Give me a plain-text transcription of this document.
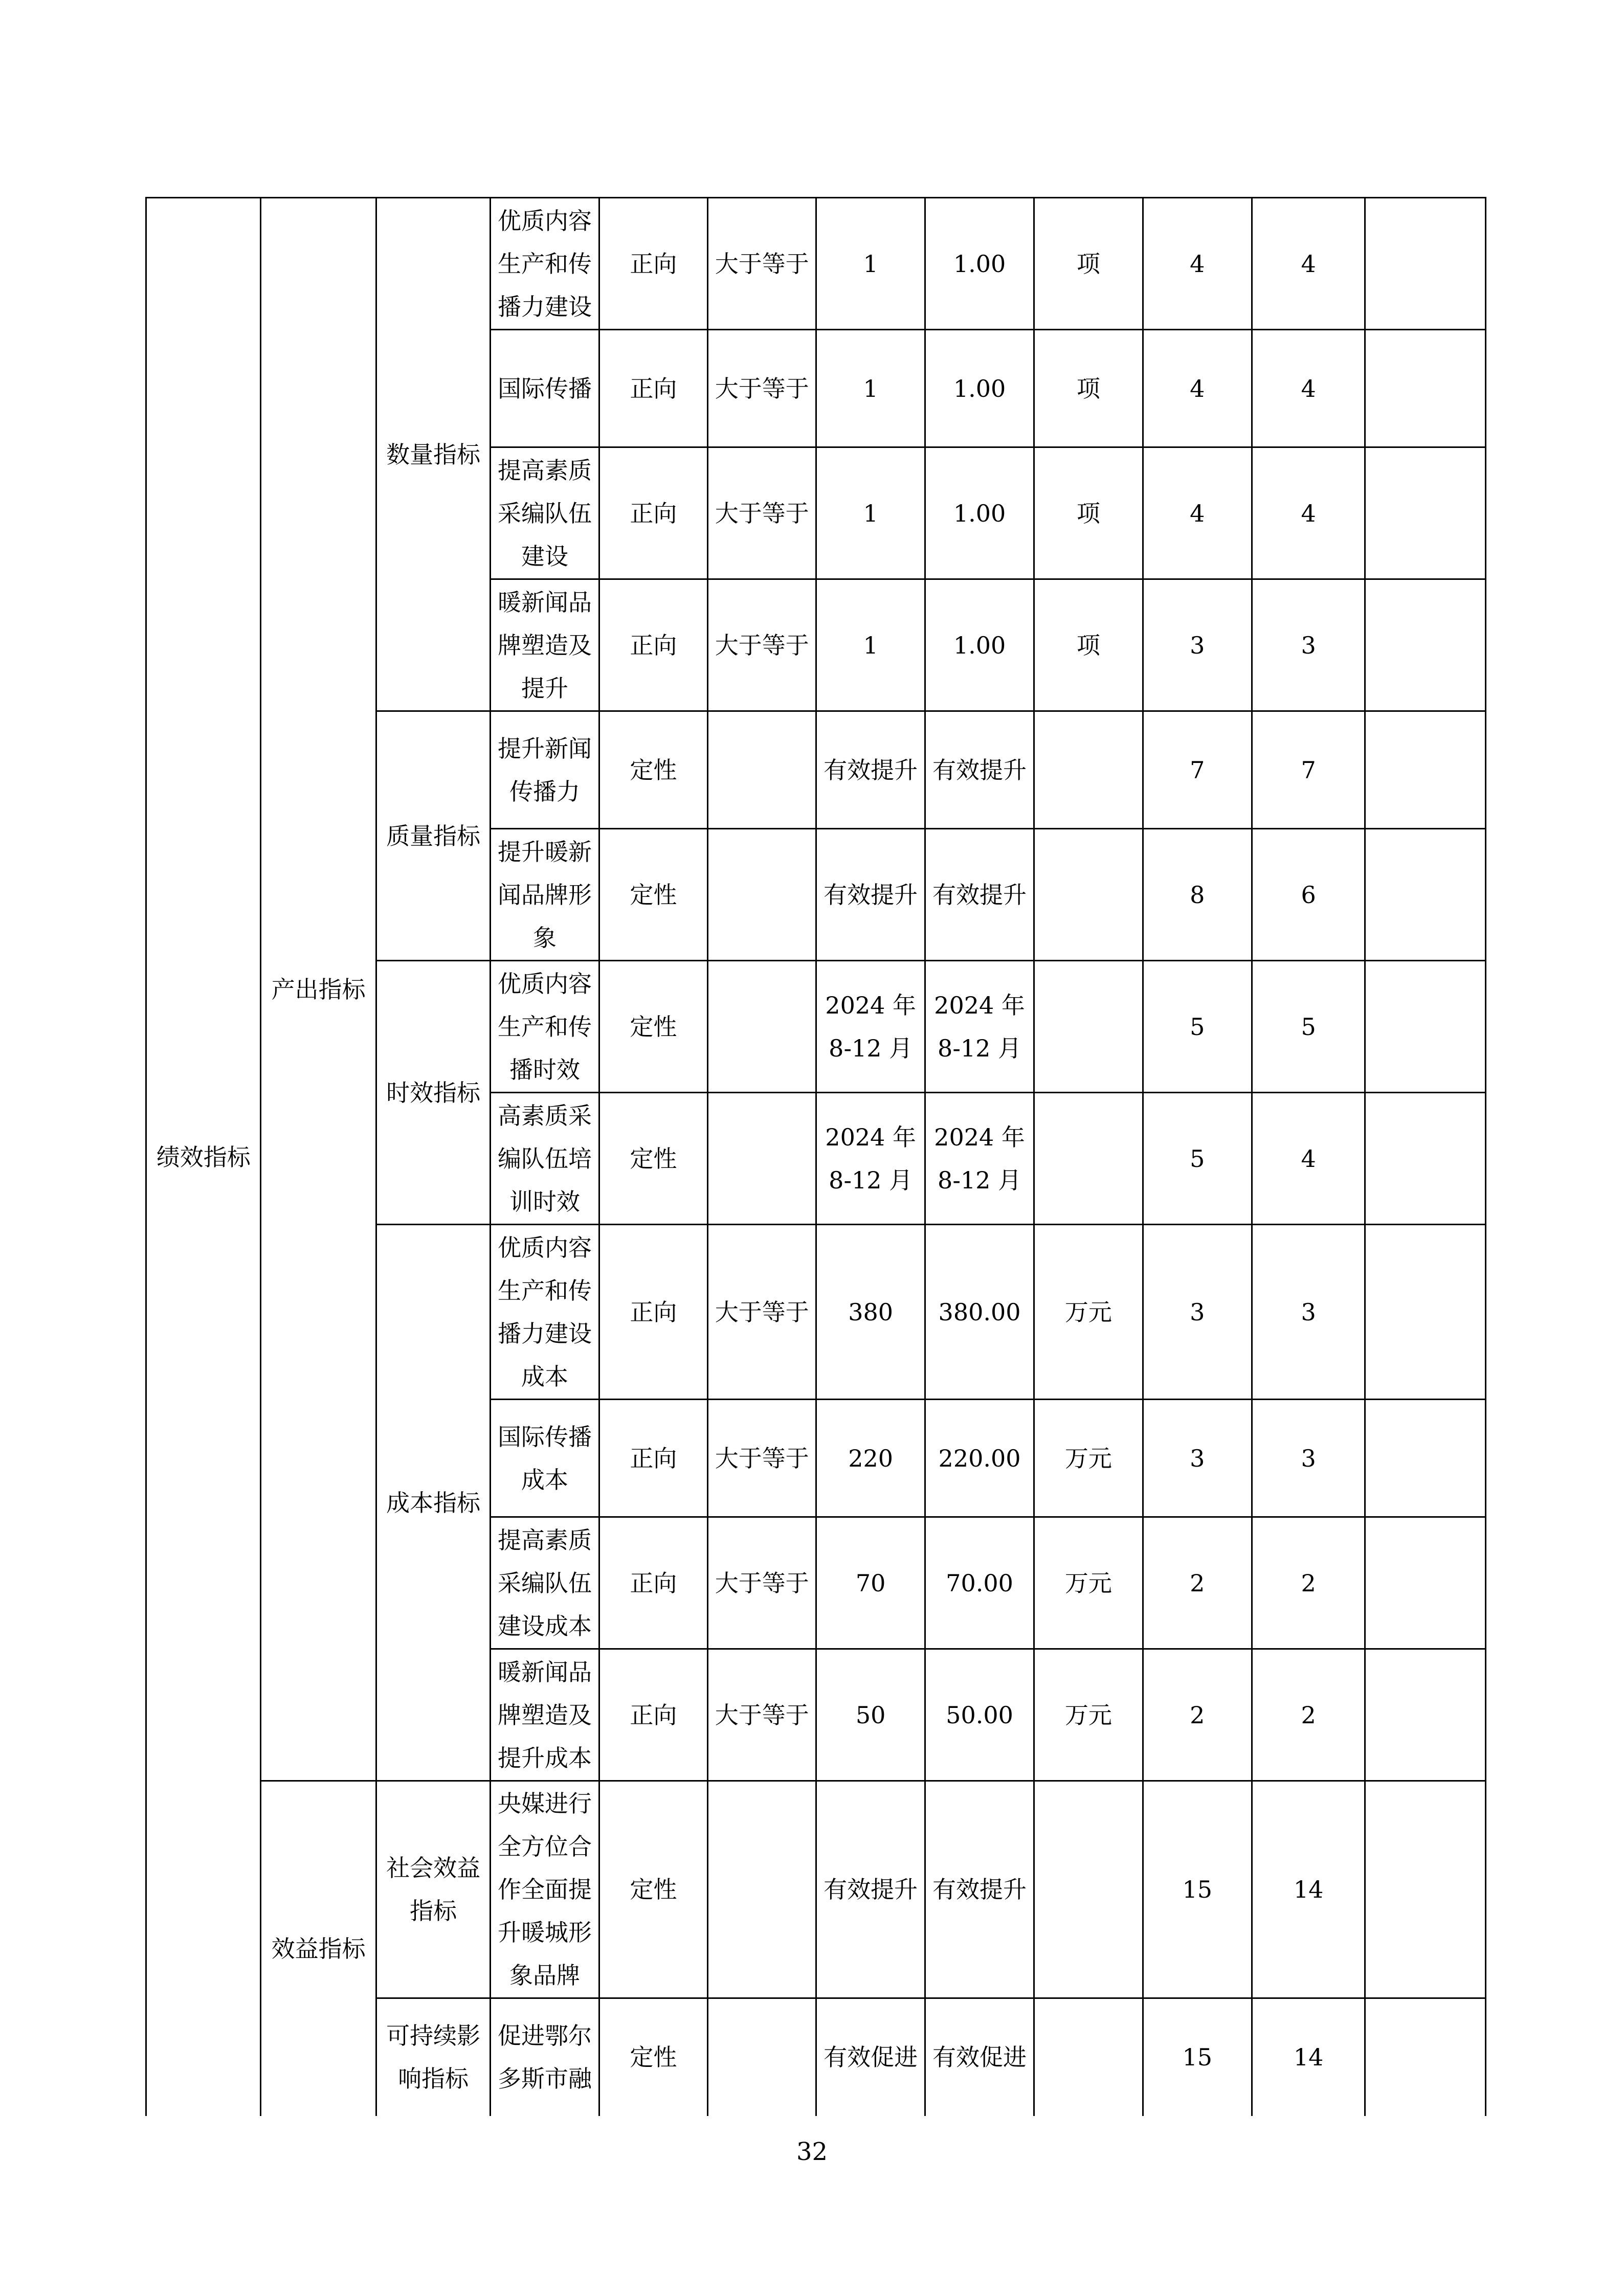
绩效指标	产出指标	数量指标	优质内容
生产和传
播力建设	正向	大于等于	1	1.00	项	4	4	

			国际传播	正向	大于等于	1	1.00	项	4	4	

			提高素质
采编队伍
建设	正向	大于等于	1	1.00	项	4	4	

			暖新闻品
牌塑造及
提升	正向	大于等于	1	1.00	项	3	3	
		质量指标	提升新闻
传播力	定性		有效提升	有效提升		7	7	

			提升暖新
闻品牌形
象	定性		有效提升	有效提升		8	6	
		时效指标	优质内容
生产和传
播时效	定性		2024 年
8-12 月	2024 年
8-12 月		5	5	

			高素质采
编队伍培
训时效	定性		2024 年
8-12 月	2024 年
8-12 月		5	4	
		成本指标	优质内容
生产和传
播力建设
成本	正向	大于等于	380	380.00	万元	3	3	

			国际传播
成本	正向	大于等于	220	220.00	万元	3	3	

			提高素质
采编队伍
建设成本	正向	大于等于	70	70.00	万元	2	2	

			暖新闻品
牌塑造及
提升成本	正向	大于等于	50	50.00	万元	2	2	
	效益指标	社会效益
指标	央媒进行
全方位合
作全面提
升暖城形
象品牌	定性		有效提升	有效提升		15	14	

		可持续影
响指标	促进鄂尔
多斯市融	定性		有效促进	有效促进		15	14	
32
